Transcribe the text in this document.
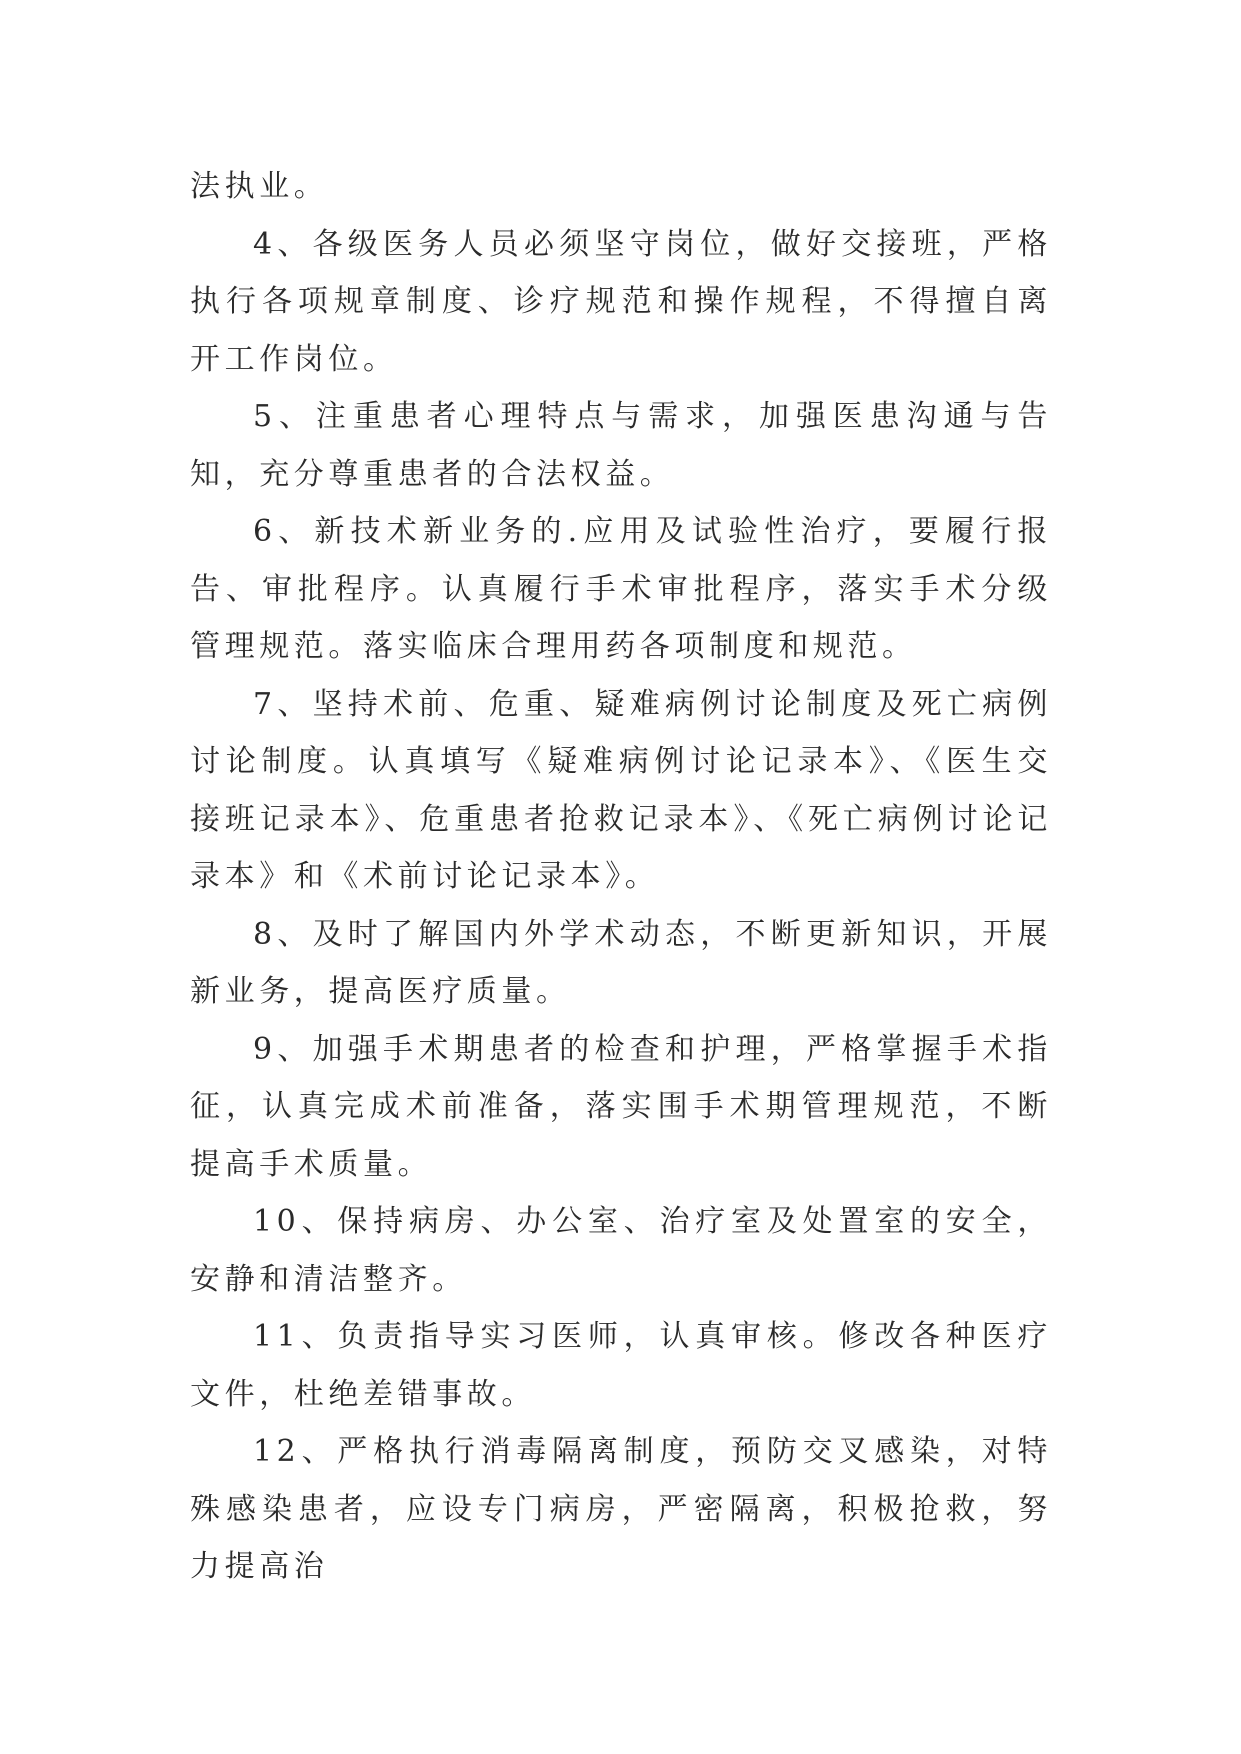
法执业。

4、各级医务人员必须坚守岗位，做好交接班，严格执行各项规章制度、诊疗规范和操作规程，不得擅自离开工作岗位。

5、注重患者心理特点与需求，加强医患沟通与告知，充分尊重患者的合法权益。

6、新技术新业务的.应用及试验性治疗，要履行报告、审批程序。认真履行手术审批程序，落实手术分级管理规范。落实临床合理用药各项制度和规范。

7、坚持术前、危重、疑难病例讨论制度及死亡病例讨论制度。认真填写《疑难病例讨论记录本》、《医生交接班记录本》、危重患者抢救记录本》、《死亡病例讨论记录本》和《术前讨论记录本》。

8、及时了解国内外学术动态，不断更新知识，开展新业务，提高医疗质量。

9、加强手术期患者的检查和护理，严格掌握手术指征，认真完成术前准备，落实围手术期管理规范，不断提高手术质量。

10、保持病房、办公室、治疗室及处置室的安全，安静和清洁整齐。

11、负责指导实习医师，认真审核。修改各种医疗文件，杜绝差错事故。

12、严格执行消毒隔离制度，预防交叉感染，对特殊感染患者，应设专门病房，严密隔离，积极抢救，努力提高治
